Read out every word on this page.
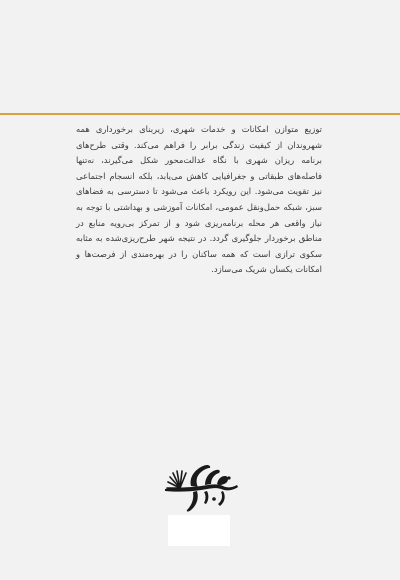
توزیع متوازن امکانات و خدمات شهری، زیربنای برخورداری همه شهروندان از کیفیت زندگی برابر را فراهم می‌کند. وقتی طرح‌های برنامه ریزان شهری با نگاه عدالت‌محور شکل می‌گیرند، نه‌تنها فاصله‌های طبقاتی و جغرافیایی کاهش می‌یابد، بلکه انسجام اجتماعی نیز تقویت می‌شود. این رویکرد باعث می‌شود تا دسترسی به فضاهای سبز، شبکه حمل‌ونقل عمومی، امکانات آموزشی و بهداشتی با توجه به نیاز واقعی هر محله برنامه‌ریزی شود و از تمرکز بی‌رویه منابع در مناطق برخوردار جلوگیری گردد. در نتیجه شهر طرح‌ریزی‌شده به مثابه سکوی ترازی است که همه ساکنان را در بهره‌مندی از فرصت‌ها و امکانات یکسان شریک می‌سازد.
